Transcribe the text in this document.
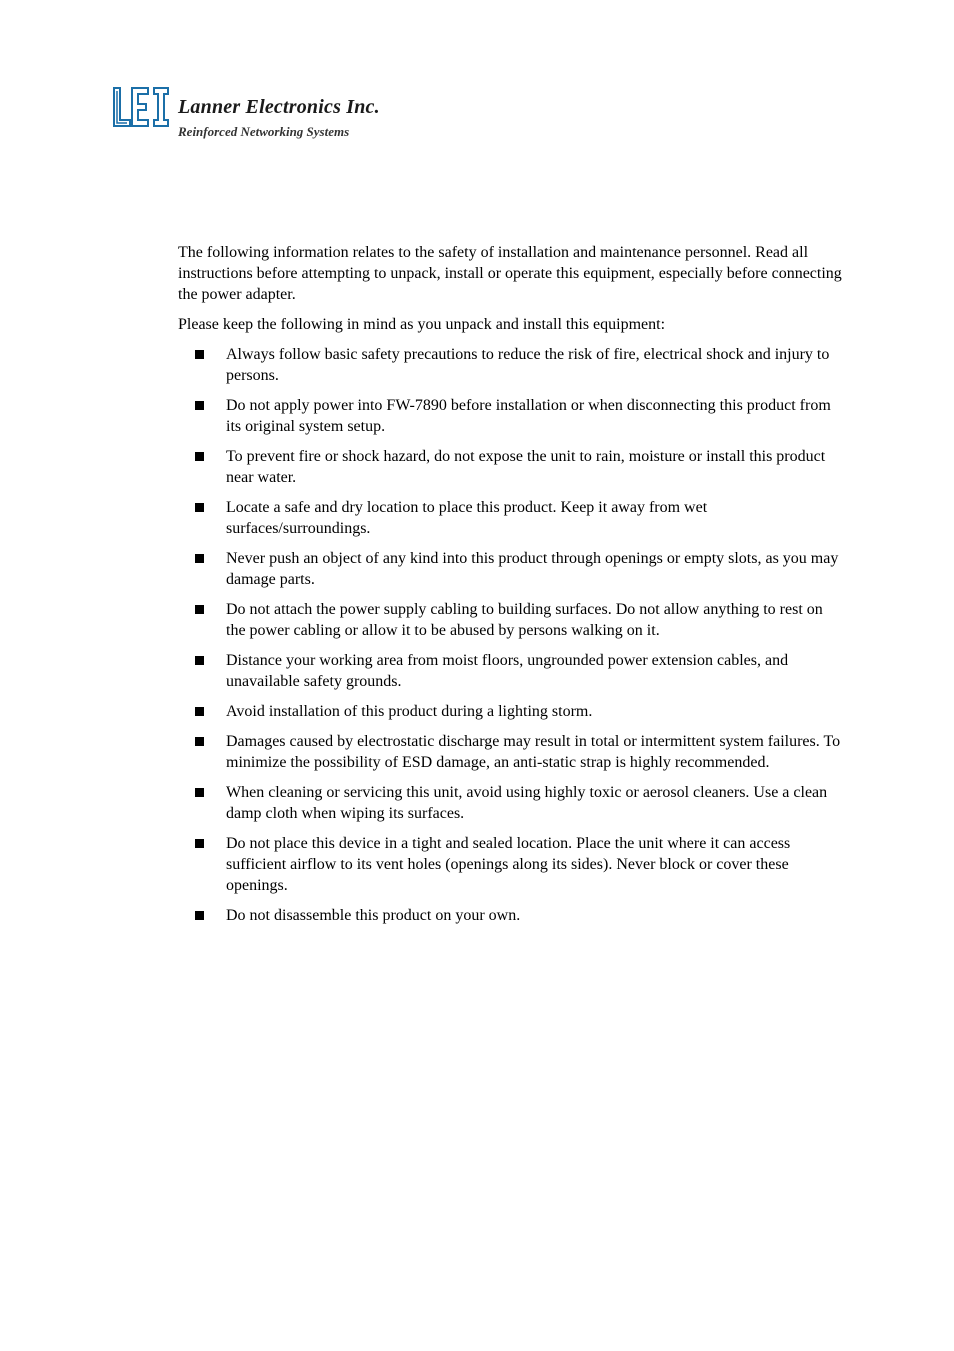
Lanner Electronics Inc.
Reinforced Networking Systems

The following information relates to the safety of installation and maintenance personnel. Read all instructions before attempting to unpack, install or operate this equipment, especially before connecting the power adapter.

Please keep the following in mind as you unpack and install this equipment:

Always follow basic safety precautions to reduce the risk of fire, electrical shock and injury to persons.
Do not apply power into FW-7890 before installation or when disconnecting this product from its original system setup.
To prevent fire or shock hazard, do not expose the unit to rain, moisture or install this product near water.
Locate a safe and dry location to place this product. Keep it away from wet surfaces/surroundings.
Never push an object of any kind into this product through openings or empty slots, as you may damage parts.
Do not attach the power supply cabling to building surfaces. Do not allow anything to rest on the power cabling or allow it to be abused by persons walking on it.
Distance your working area from moist floors, ungrounded power extension cables, and unavailable safety grounds.
Avoid installation of this product during a lighting storm.
Damages caused by electrostatic discharge may result in total or intermittent system failures. To minimize the possibility of ESD damage, an anti-static strap is highly recommended.
When cleaning or servicing this unit, avoid using highly toxic or aerosol cleaners. Use a clean damp cloth when wiping its surfaces.
Do not place this device in a tight and sealed location. Place the unit where it can access sufficient airflow to its vent holes (openings along its sides). Never block or cover these openings.
Do not disassemble this product on your own.
